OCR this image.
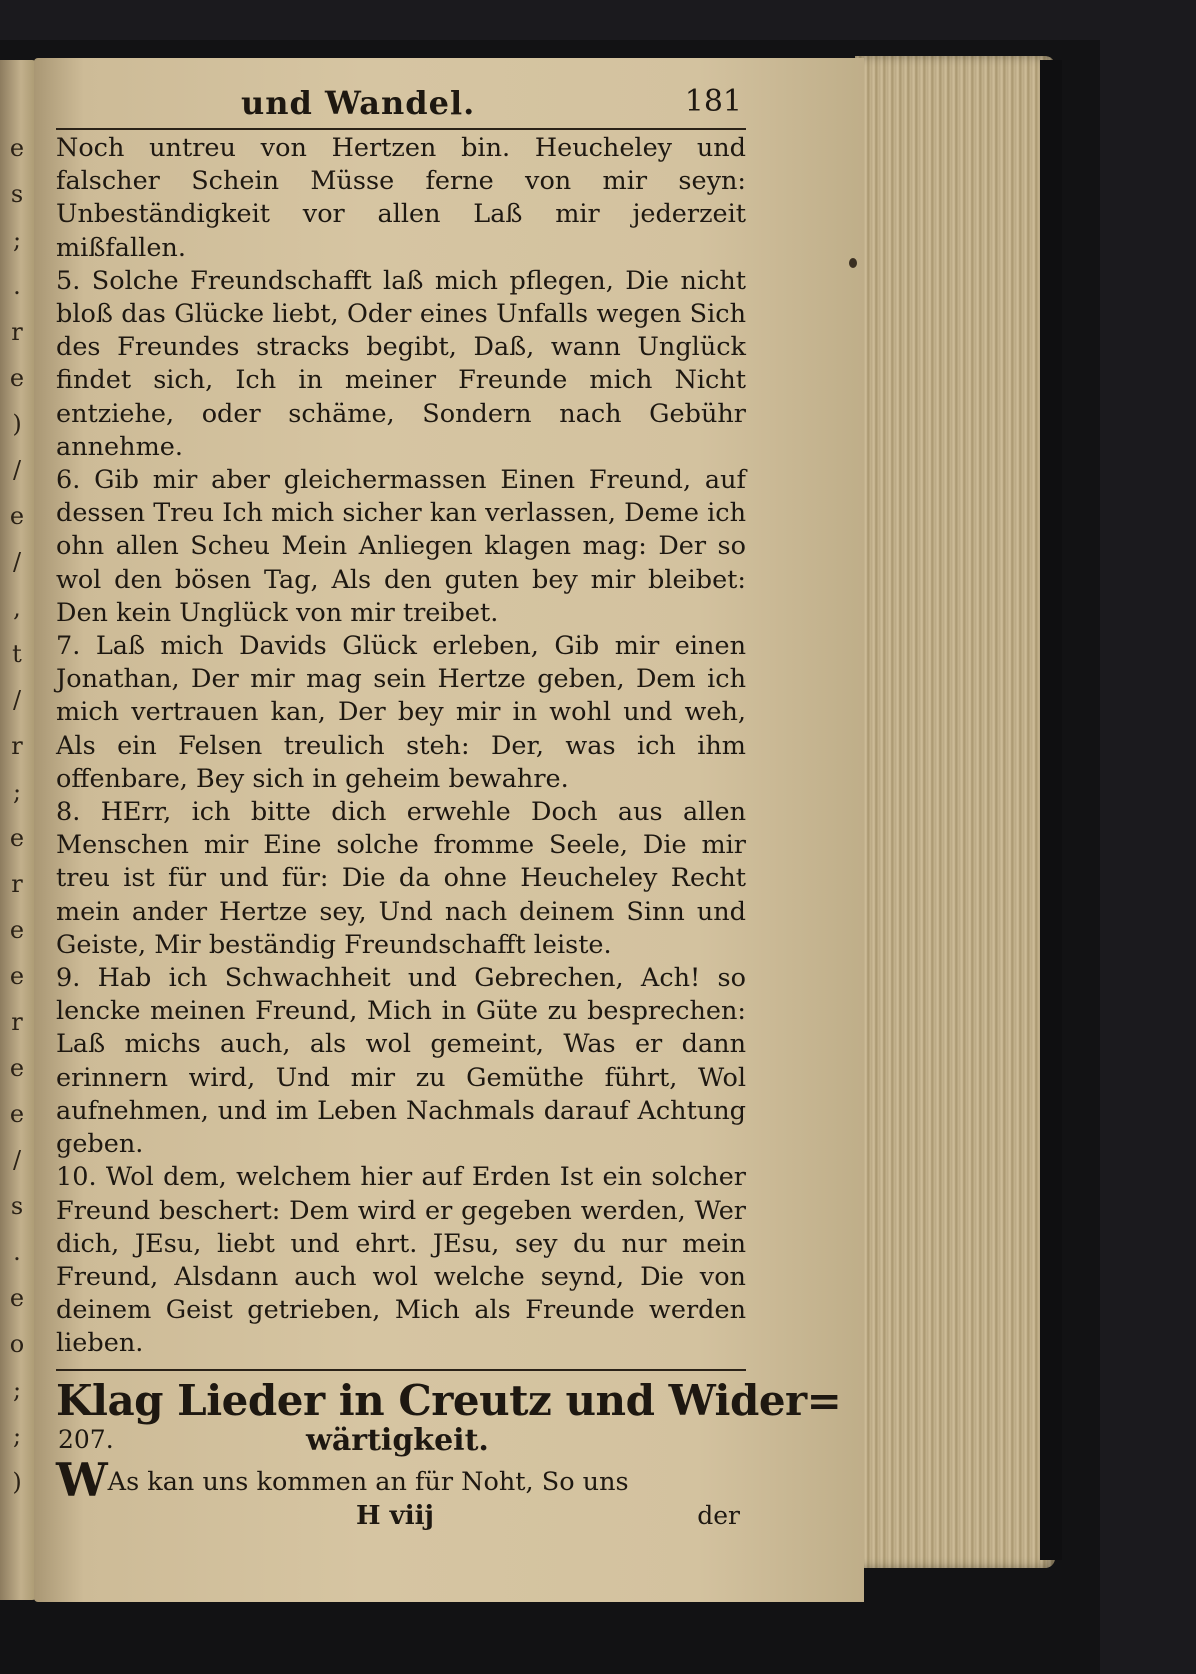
e
s
;
.
r
e
)
/
e
/
,
t
/
r
;
e
r
e
e
r
e
e
/
s
.
e
o
;
;
)
und Wandel.	181

Noch untreu von Hertzen bin. Heucheley und falscher Schein Müsse ferne von mir seyn: Unbeständigkeit vor allen Laß mir jederzeit mißfallen.

5. Solche Freundschafft laß mich pflegen, Die nicht bloß das Glücke liebt, Oder eines Unfalls wegen Sich des Freundes stracks begibt, Daß, wann Unglück findet sich, Ich in meiner Freunde mich Nicht entziehe, oder schäme, Sondern nach Gebühr annehme.

6. Gib mir aber gleichermassen Einen Freund, auf dessen Treu Ich mich sicher kan verlassen, Deme ich ohn allen Scheu Mein Anliegen klagen mag: Der so wol den bösen Tag, Als den guten bey mir bleibet: Den kein Unglück von mir treibet.

7. Laß mich Davids Glück erleben, Gib mir einen Jonathan, Der mir mag sein Hertze geben, Dem ich mich vertrauen kan, Der bey mir in wohl und weh, Als ein Felsen treulich steh: Der, was ich ihm offenbare, Bey sich in geheim bewahre.

8. HErr, ich bitte dich erwehle Doch aus allen Menschen mir Eine solche fromme Seele, Die mir treu ist für und für: Die da ohne Heucheley Recht mein ander Hertze sey, Und nach deinem Sinn und Geiste, Mir beständig Freundschafft leiste.

9. Hab ich Schwachheit und Gebrechen, Ach! so lencke meinen Freund, Mich in Güte zu besprechen: Laß michs auch, als wol gemeint, Was er dann erinnern wird, Und mir zu Gemüthe führt, Wol aufnehmen, und im Leben Nachmals darauf Achtung geben.

10. Wol dem, welchem hier auf Erden Ist ein solcher Freund beschert: Dem wird er gegeben werden, Wer dich, JEsu, liebt und ehrt. JEsu, sey du nur mein Freund, Alsdann auch wol welche seynd, Die von deinem Geist getrieben, Mich als Freunde werden lieben.

Klag Lieder in Creutz und Wider=
207.	wärtigkeit.
WAs kan uns kommen an für Noht, So uns
H viij	der
